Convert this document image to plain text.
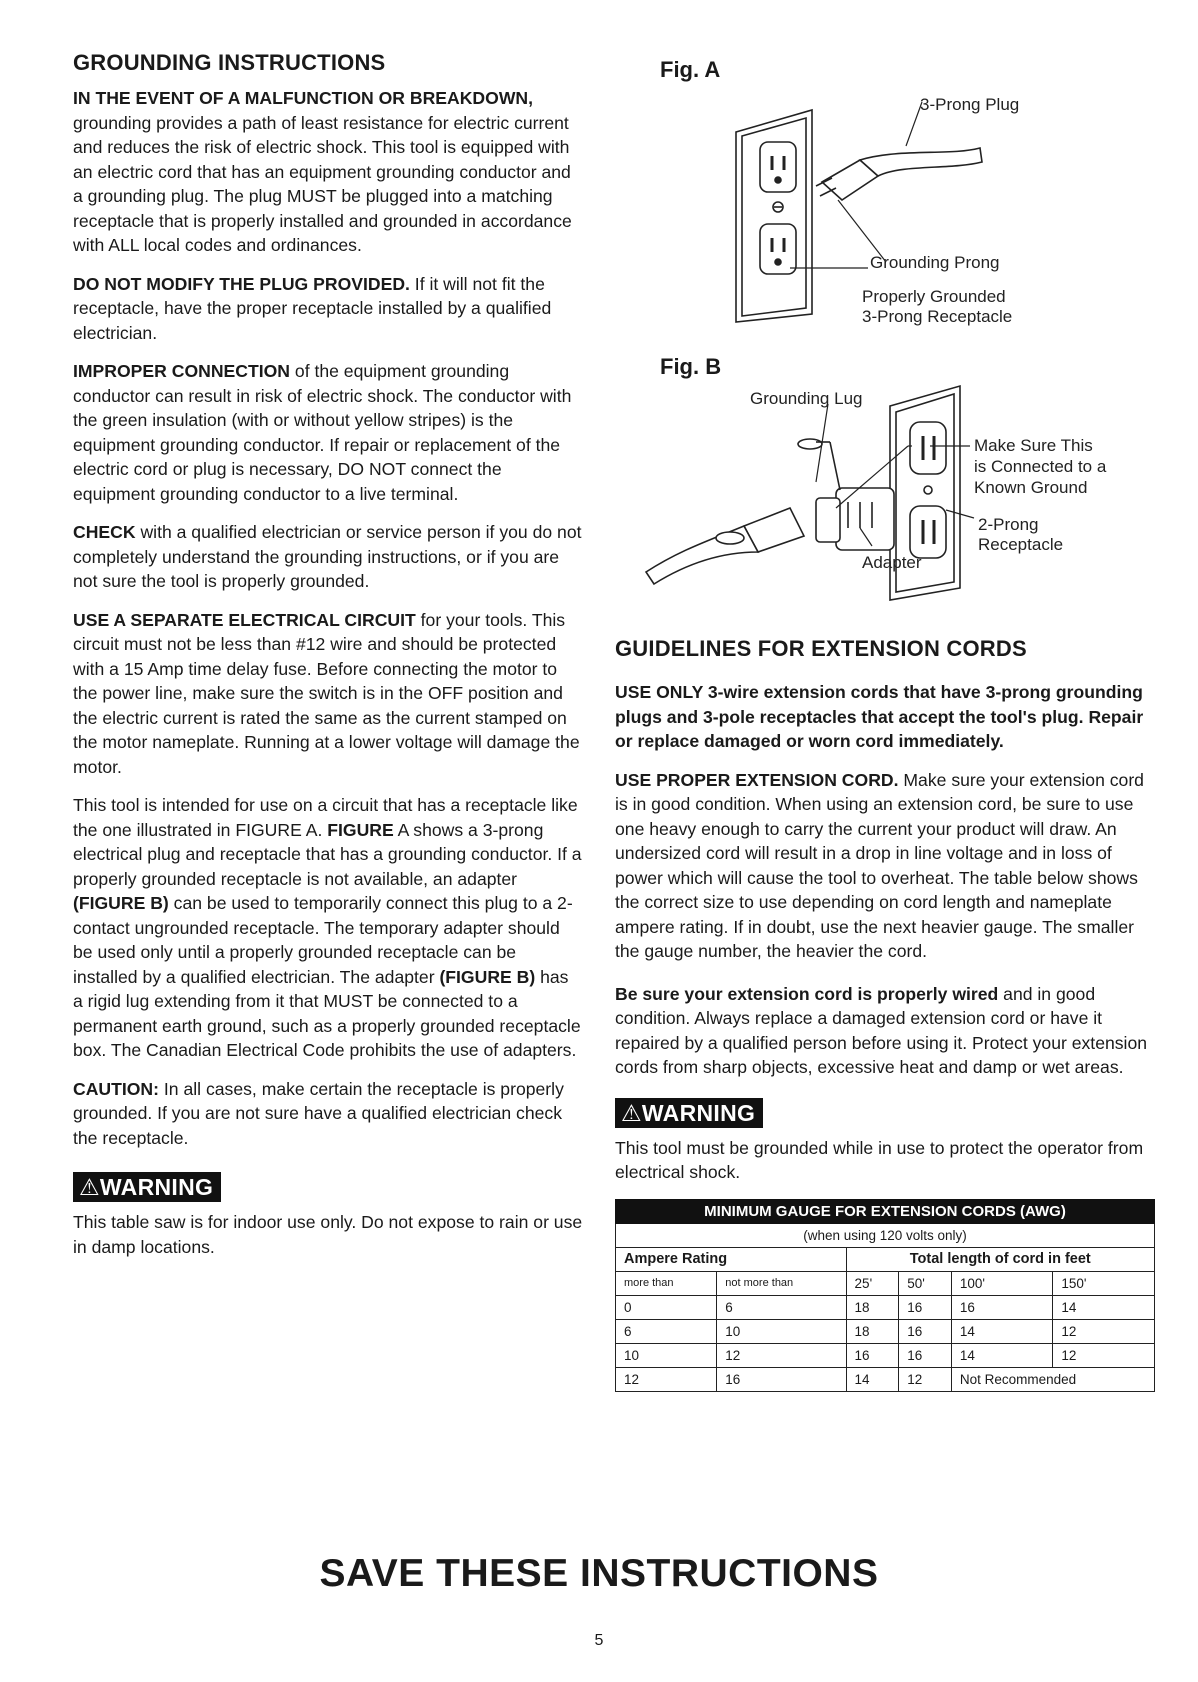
GROUNDING INSTRUCTIONS

IN THE EVENT OF A MALFUNCTION OR BREAKDOWN, grounding provides a path of least resistance for electric current and reduces the risk of electric shock. This tool is equipped with an electric cord that has an equipment grounding conductor and a grounding plug. The plug MUST be plugged into a matching receptacle that is properly installed and grounded in accordance with ALL local codes and ordinances.

DO NOT MODIFY THE PLUG PROVIDED. If it will not fit the receptacle, have the proper receptacle installed by a qualified electrician.

IMPROPER CONNECTION of the equipment grounding conductor can result in risk of electric shock. The conductor with the green insulation (with or without yellow stripes) is the equipment grounding conductor. If repair or replacement of the electric cord or plug is necessary, DO NOT connect the equipment grounding conductor to a live terminal.

CHECK with a qualified electrician or service person if you do not completely understand the grounding instructions, or if you are not sure the tool is properly grounded.

USE A SEPARATE ELECTRICAL CIRCUIT for your tools. This circuit must not be less than #12 wire and should be protected with a 15 Amp time delay fuse. Before connecting the motor to the power line, make sure the switch is in the OFF position and the electric current is rated the same as the current stamped on the motor nameplate. Running at a lower voltage will damage the motor.

This tool is intended for use on a circuit that has a receptacle like the one illustrated in FIGURE A. FIGURE A shows a 3-prong electrical plug and receptacle that has a grounding conductor. If a properly grounded receptacle is not available, an adapter (FIGURE B) can be used to temporarily connect this plug to a 2-contact ungrounded receptacle. The temporary adapter should be used only until a properly grounded receptacle can be installed by a qualified electrician. The adapter (FIGURE B) has a rigid lug extending from it that MUST be connected to a permanent earth ground, such as a properly grounded receptacle box. The Canadian Electrical Code prohibits the use of adapters.

CAUTION: In all cases, make certain the receptacle is properly grounded. If you are not sure have a qualified electrician check the receptacle.

⚠WARNING

This table saw is for indoor use only. Do not expose to rain or use in damp locations.

Fig. A

3-Prong Plug
Grounding Prong
Properly Grounded
3-Prong Receptacle

Fig. B

Grounding Lug
Make Sure This
is Connected to a
Known Ground
2-Prong
Receptacle
Adapter
GUIDELINES FOR EXTENSION CORDS

USE ONLY 3-wire extension cords that have 3-prong grounding plugs and 3-pole receptacles that accept the tool's plug. Repair or replace damaged or worn cord immediately.

USE PROPER EXTENSION CORD. Make sure your extension cord is in good condition. When using an extension cord, be sure to use one heavy enough to carry the current your product will draw. An undersized cord will result in a drop in line voltage and in loss of power which will cause the tool to overheat. The table below shows the correct size to use depending on cord length and nameplate ampere rating. If in doubt, use the next heavier gauge. The smaller the gauge number, the heavier the cord.

Be sure your extension cord is properly wired and in good condition. Always replace a damaged extension cord or have it repaired by a qualified person before using it. Protect your extension cords from sharp objects, excessive heat and damp or wet areas.

⚠WARNING

This tool must be grounded while in use to protect the operator from electrical shock.

MINIMUM GAUGE FOR EXTENSION CORDS (AWG)					
(when using 120 volts only)					
Ampere Rating		Total length of cord in feet			
more than	not more than	25'	50'	100'	150'
0	6	18	16	16	14
6	10	18	16	14	12
10	12	16	16	14	12
12	16	14	12	Not Recommended	
SAVE THESE INSTRUCTIONS
5
